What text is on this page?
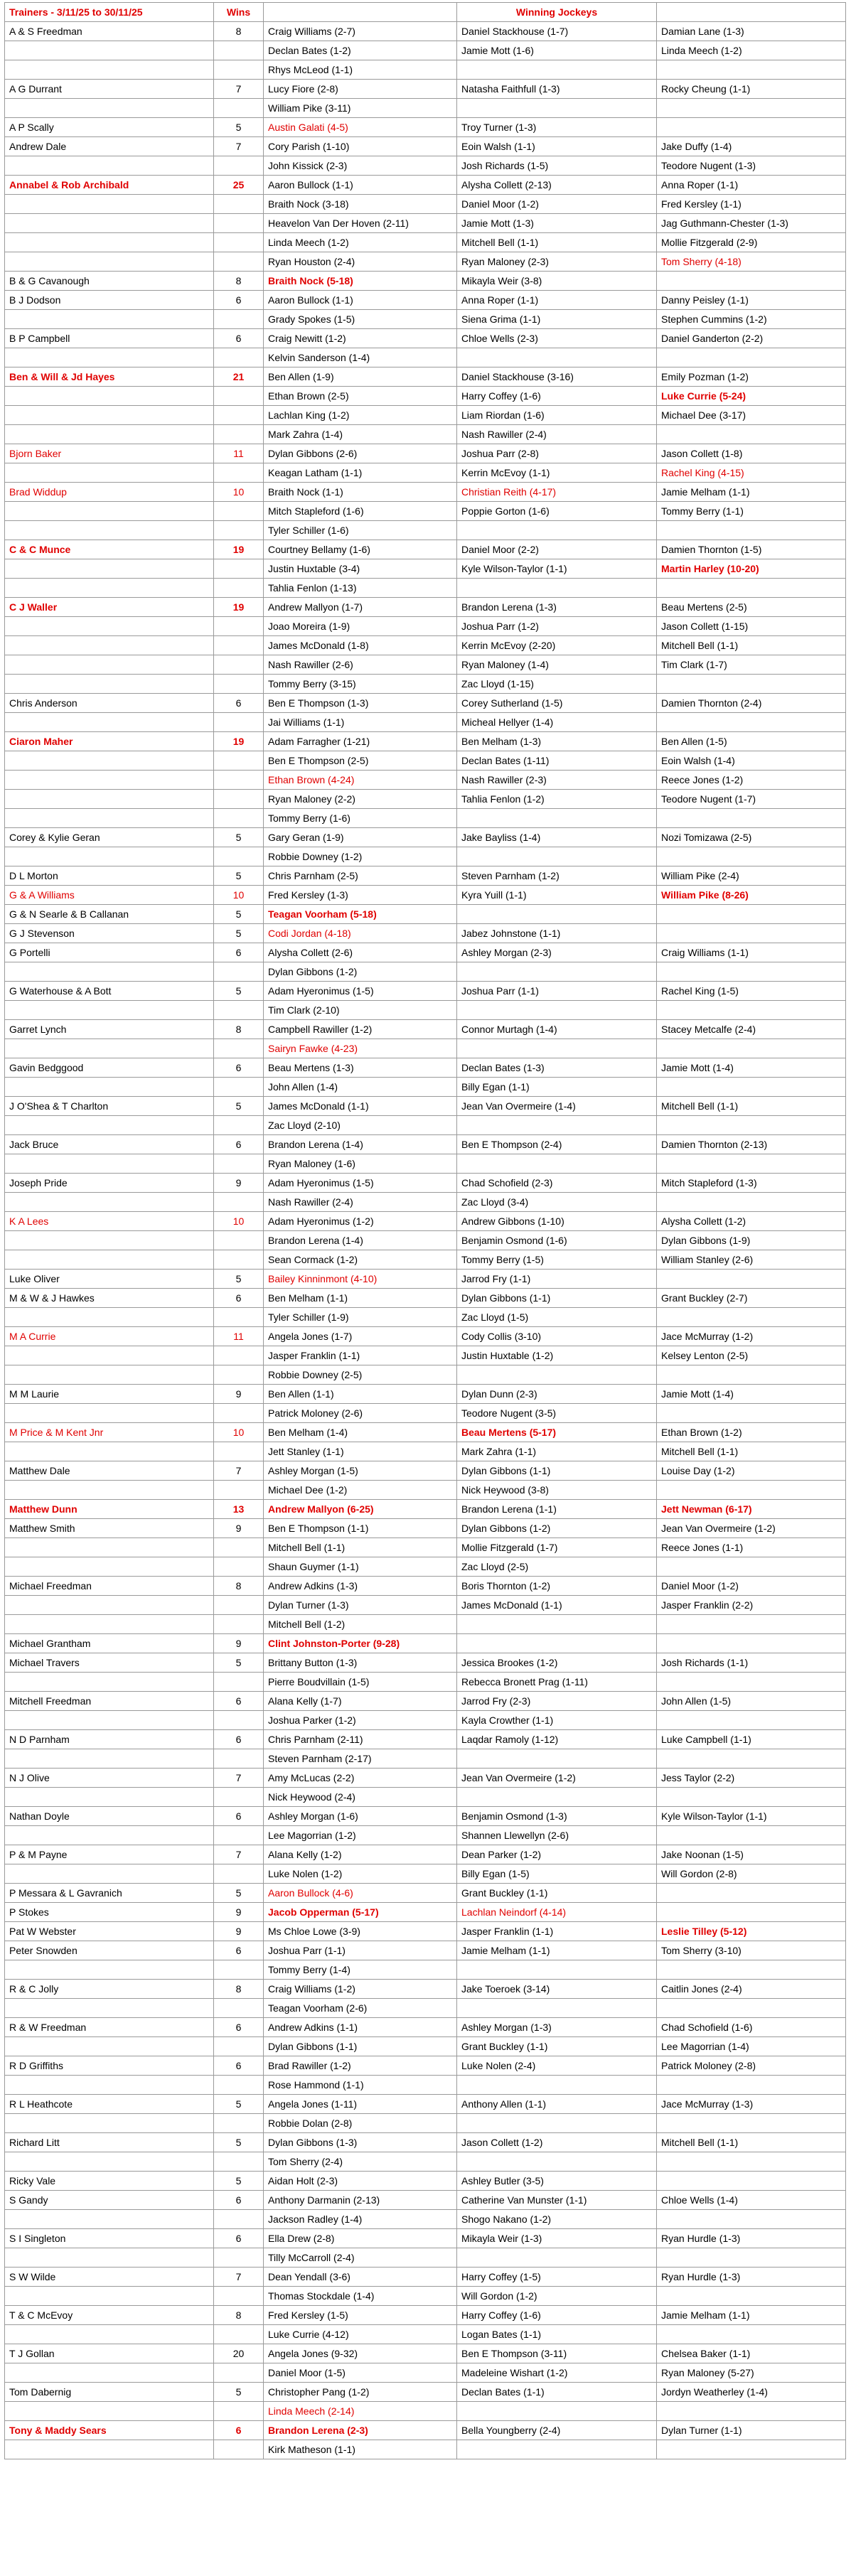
Trainers - 3/11/25 to 30/11/25	Wins		Winning Jockeys	
A & S Freedman	8	Craig Williams (2-7)	Daniel Stackhouse (1-7)	Damian Lane (1-3)
		Declan Bates (1-2)	Jamie Mott (1-6)	Linda Meech (1-2)
		Rhys McLeod (1-1)		
A G Durrant	7	Lucy Fiore (2-8)	Natasha Faithfull (1-3)	Rocky Cheung (1-1)
		William Pike (3-11)		
A P Scally	5	Austin Galati (4-5)	Troy Turner (1-3)	
Andrew Dale	7	Cory Parish (1-10)	Eoin Walsh (1-1)	Jake Duffy (1-4)
		John Kissick (2-3)	Josh Richards (1-5)	Teodore Nugent (1-3)
Annabel & Rob Archibald	25	Aaron Bullock (1-1)	Alysha Collett (2-13)	Anna Roper (1-1)
		Braith Nock (3-18)	Daniel Moor (1-2)	Fred Kersley (1-1)
		Heavelon Van Der Hoven (2-11)	Jamie Mott (1-3)	Jag Guthmann-Chester (1-3)
		Linda Meech (1-2)	Mitchell Bell (1-1)	Mollie Fitzgerald (2-9)
		Ryan Houston (2-4)	Ryan Maloney (2-3)	Tom Sherry (4-18)
B & G Cavanough	8	Braith Nock (5-18)	Mikayla Weir (3-8)	
B J Dodson	6	Aaron Bullock (1-1)	Anna Roper (1-1)	Danny Peisley (1-1)
		Grady Spokes (1-5)	Siena Grima (1-1)	Stephen Cummins (1-2)
B P Campbell	6	Craig Newitt (1-2)	Chloe Wells (2-3)	Daniel Ganderton (2-2)
		Kelvin Sanderson (1-4)		
Ben & Will & Jd Hayes	21	Ben Allen (1-9)	Daniel Stackhouse (3-16)	Emily Pozman (1-2)
		Ethan Brown (2-5)	Harry Coffey (1-6)	Luke Currie (5-24)
		Lachlan King (1-2)	Liam Riordan (1-6)	Michael Dee (3-17)
		Mark Zahra (1-4)	Nash Rawiller (2-4)	
Bjorn Baker	11	Dylan Gibbons (2-6)	Joshua Parr (2-8)	Jason Collett (1-8)
		Keagan Latham (1-1)	Kerrin McEvoy (1-1)	Rachel King (4-15)
Brad Widdup	10	Braith Nock (1-1)	Christian Reith (4-17)	Jamie Melham (1-1)
		Mitch Stapleford (1-6)	Poppie Gorton (1-6)	Tommy Berry (1-1)
		Tyler Schiller (1-6)		
C & C Munce	19	Courtney Bellamy (1-6)	Daniel Moor (2-2)	Damien Thornton (1-5)
		Justin Huxtable (3-4)	Kyle Wilson-Taylor (1-1)	Martin Harley (10-20)
		Tahlia Fenlon (1-13)		
C J Waller	19	Andrew Mallyon (1-7)	Brandon Lerena (1-3)	Beau Mertens (2-5)
		Joao Moreira (1-9)	Joshua Parr (1-2)	Jason Collett (1-15)
		James McDonald (1-8)	Kerrin McEvoy (2-20)	Mitchell Bell (1-1)
		Nash Rawiller (2-6)	Ryan Maloney (1-4)	Tim Clark (1-7)
		Tommy Berry (3-15)	Zac Lloyd (1-15)	
Chris Anderson	6	Ben E Thompson (1-3)	Corey Sutherland (1-5)	Damien Thornton (2-4)
		Jai Williams (1-1)	Micheal Hellyer (1-4)	
Ciaron Maher	19	Adam Farragher (1-21)	Ben Melham (1-3)	Ben Allen (1-5)
		Ben E Thompson (2-5)	Declan Bates (1-11)	Eoin Walsh (1-4)
		Ethan Brown (4-24)	Nash Rawiller (2-3)	Reece Jones (1-2)
		Ryan Maloney (2-2)	Tahlia Fenlon (1-2)	Teodore Nugent (1-7)
		Tommy Berry (1-6)		
Corey & Kylie Geran	5	Gary Geran (1-9)	Jake Bayliss (1-4)	Nozi Tomizawa (2-5)
		Robbie Downey (1-2)		
D L Morton	5	Chris Parnham (2-5)	Steven Parnham (1-2)	William Pike (2-4)
G & A Williams	10	Fred Kersley (1-3)	Kyra Yuill (1-1)	William Pike (8-26)
G & N Searle & B Callanan	5	Teagan Voorham (5-18)		
G J Stevenson	5	Codi Jordan (4-18)	Jabez Johnstone (1-1)	
G Portelli	6	Alysha Collett (2-6)	Ashley Morgan (2-3)	Craig Williams (1-1)
		Dylan Gibbons (1-2)		
G Waterhouse & A Bott	5	Adam Hyeronimus (1-5)	Joshua Parr (1-1)	Rachel King (1-5)
		Tim Clark (2-10)		
Garret Lynch	8	Campbell Rawiller (1-2)	Connor Murtagh (1-4)	Stacey Metcalfe (2-4)
		Sairyn Fawke (4-23)		
Gavin Bedggood	6	Beau Mertens (1-3)	Declan Bates (1-3)	Jamie Mott (1-4)
		John Allen (1-4)	Billy Egan (1-1)	
J O'Shea & T Charlton	5	James McDonald (1-1)	Jean Van Overmeire (1-4)	Mitchell Bell (1-1)
		Zac Lloyd (2-10)		
Jack Bruce	6	Brandon Lerena (1-4)	Ben E Thompson (2-4)	Damien Thornton (2-13)
		Ryan Maloney (1-6)		
Joseph Pride	9	Adam Hyeronimus (1-5)	Chad Schofield (2-3)	Mitch Stapleford (1-3)
		Nash Rawiller (2-4)	Zac Lloyd (3-4)	
K A Lees	10	Adam Hyeronimus (1-2)	Andrew Gibbons (1-10)	Alysha Collett (1-2)
		Brandon Lerena (1-4)	Benjamin Osmond (1-6)	Dylan Gibbons (1-9)
		Sean Cormack (1-2)	Tommy Berry (1-5)	William Stanley (2-6)
Luke Oliver	5	Bailey Kinninmont (4-10)	Jarrod Fry (1-1)	
M & W & J Hawkes	6	Ben Melham (1-1)	Dylan Gibbons (1-1)	Grant Buckley (2-7)
		Tyler Schiller (1-9)	Zac Lloyd (1-5)	
M A Currie	11	Angela Jones (1-7)	Cody Collis (3-10)	Jace McMurray (1-2)
		Jasper Franklin (1-1)	Justin Huxtable (1-2)	Kelsey Lenton (2-5)
		Robbie Downey (2-5)		
M M Laurie	9	Ben Allen (1-1)	Dylan Dunn (2-3)	Jamie Mott (1-4)
		Patrick Moloney (2-6)	Teodore Nugent (3-5)	
M Price & M Kent Jnr	10	Ben Melham (1-4)	Beau Mertens (5-17)	Ethan Brown (1-2)
		Jett Stanley (1-1)	Mark Zahra (1-1)	Mitchell Bell (1-1)
Matthew Dale	7	Ashley Morgan (1-5)	Dylan Gibbons (1-1)	Louise Day (1-2)
		Michael Dee (1-2)	Nick Heywood (3-8)	
Matthew Dunn	13	Andrew Mallyon (6-25)	Brandon Lerena (1-1)	Jett Newman (6-17)
Matthew Smith	9	Ben E Thompson (1-1)	Dylan Gibbons (1-2)	Jean Van Overmeire (1-2)
		Mitchell Bell (1-1)	Mollie Fitzgerald (1-7)	Reece Jones (1-1)
		Shaun Guymer (1-1)	Zac Lloyd (2-5)	
Michael Freedman	8	Andrew Adkins (1-3)	Boris Thornton (1-2)	Daniel Moor (1-2)
		Dylan Turner (1-3)	James McDonald (1-1)	Jasper Franklin (2-2)
		Mitchell Bell (1-2)		
Michael Grantham	9	Clint Johnston-Porter (9-28)		
Michael Travers	5	Brittany Button (1-3)	Jessica Brookes (1-2)	Josh Richards (1-1)
		Pierre Boudvillain (1-5)	Rebecca Bronett Prag (1-11)	
Mitchell Freedman	6	Alana Kelly (1-7)	Jarrod Fry (2-3)	John Allen (1-5)
		Joshua Parker (1-2)	Kayla Crowther (1-1)	
N D Parnham	6	Chris Parnham (2-11)	Laqdar Ramoly (1-12)	Luke Campbell (1-1)
		Steven Parnham (2-17)		
N J Olive	7	Amy McLucas (2-2)	Jean Van Overmeire (1-2)	Jess Taylor (2-2)
		Nick Heywood (2-4)		
Nathan Doyle	6	Ashley Morgan (1-6)	Benjamin Osmond (1-3)	Kyle Wilson-Taylor (1-1)
		Lee Magorrian (1-2)	Shannen Llewellyn (2-6)	
P & M Payne	7	Alana Kelly (1-2)	Dean Parker (1-2)	Jake Noonan (1-5)
		Luke Nolen (1-2)	Billy Egan (1-5)	Will Gordon (2-8)
P Messara & L Gavranich	5	Aaron Bullock (4-6)	Grant Buckley (1-1)	
P Stokes	9	Jacob Opperman (5-17)	Lachlan Neindorf (4-14)	
Pat W Webster	9	Ms Chloe Lowe (3-9)	Jasper Franklin (1-1)	Leslie Tilley (5-12)
Peter Snowden	6	Joshua Parr (1-1)	Jamie Melham (1-1)	Tom Sherry (3-10)
		Tommy Berry (1-4)		
R & C Jolly	8	Craig Williams (1-2)	Jake Toeroek (3-14)	Caitlin Jones (2-4)
		Teagan Voorham (2-6)		
R & W Freedman	6	Andrew Adkins (1-1)	Ashley Morgan (1-3)	Chad Schofield (1-6)
		Dylan Gibbons (1-1)	Grant Buckley (1-1)	Lee Magorrian (1-4)
R D Griffiths	6	Brad Rawiller (1-2)	Luke Nolen (2-4)	Patrick Moloney (2-8)
		Rose Hammond (1-1)		
R L Heathcote	5	Angela Jones (1-11)	Anthony Allen (1-1)	Jace McMurray (1-3)
		Robbie Dolan (2-8)		
Richard Litt	5	Dylan Gibbons (1-3)	Jason Collett (1-2)	Mitchell Bell (1-1)
		Tom Sherry (2-4)		
Ricky Vale	5	Aidan Holt (2-3)	Ashley Butler (3-5)	
S Gandy	6	Anthony Darmanin (2-13)	Catherine Van Munster (1-1)	Chloe Wells (1-4)
		Jackson Radley (1-4)	Shogo Nakano (1-2)	
S I Singleton	6	Ella Drew (2-8)	Mikayla Weir (1-3)	Ryan Hurdle (1-3)
		Tilly McCarroll (2-4)		
S W Wilde	7	Dean Yendall (3-6)	Harry Coffey (1-5)	Ryan Hurdle (1-3)
		Thomas Stockdale (1-4)	Will Gordon (1-2)	
T & C McEvoy	8	Fred Kersley (1-5)	Harry Coffey (1-6)	Jamie Melham (1-1)
		Luke Currie (4-12)	Logan Bates (1-1)	
T J Gollan	20	Angela Jones (9-32)	Ben E Thompson (3-11)	Chelsea Baker (1-1)
		Daniel Moor (1-5)	Madeleine Wishart (1-2)	Ryan Maloney (5-27)
Tom Dabernig	5	Christopher Pang (1-2)	Declan Bates (1-1)	Jordyn Weatherley (1-4)
		Linda Meech (2-14)		
Tony & Maddy Sears	6	Brandon Lerena (2-3)	Bella Youngberry (2-4)	Dylan Turner (1-1)
		Kirk Matheson (1-1)		
